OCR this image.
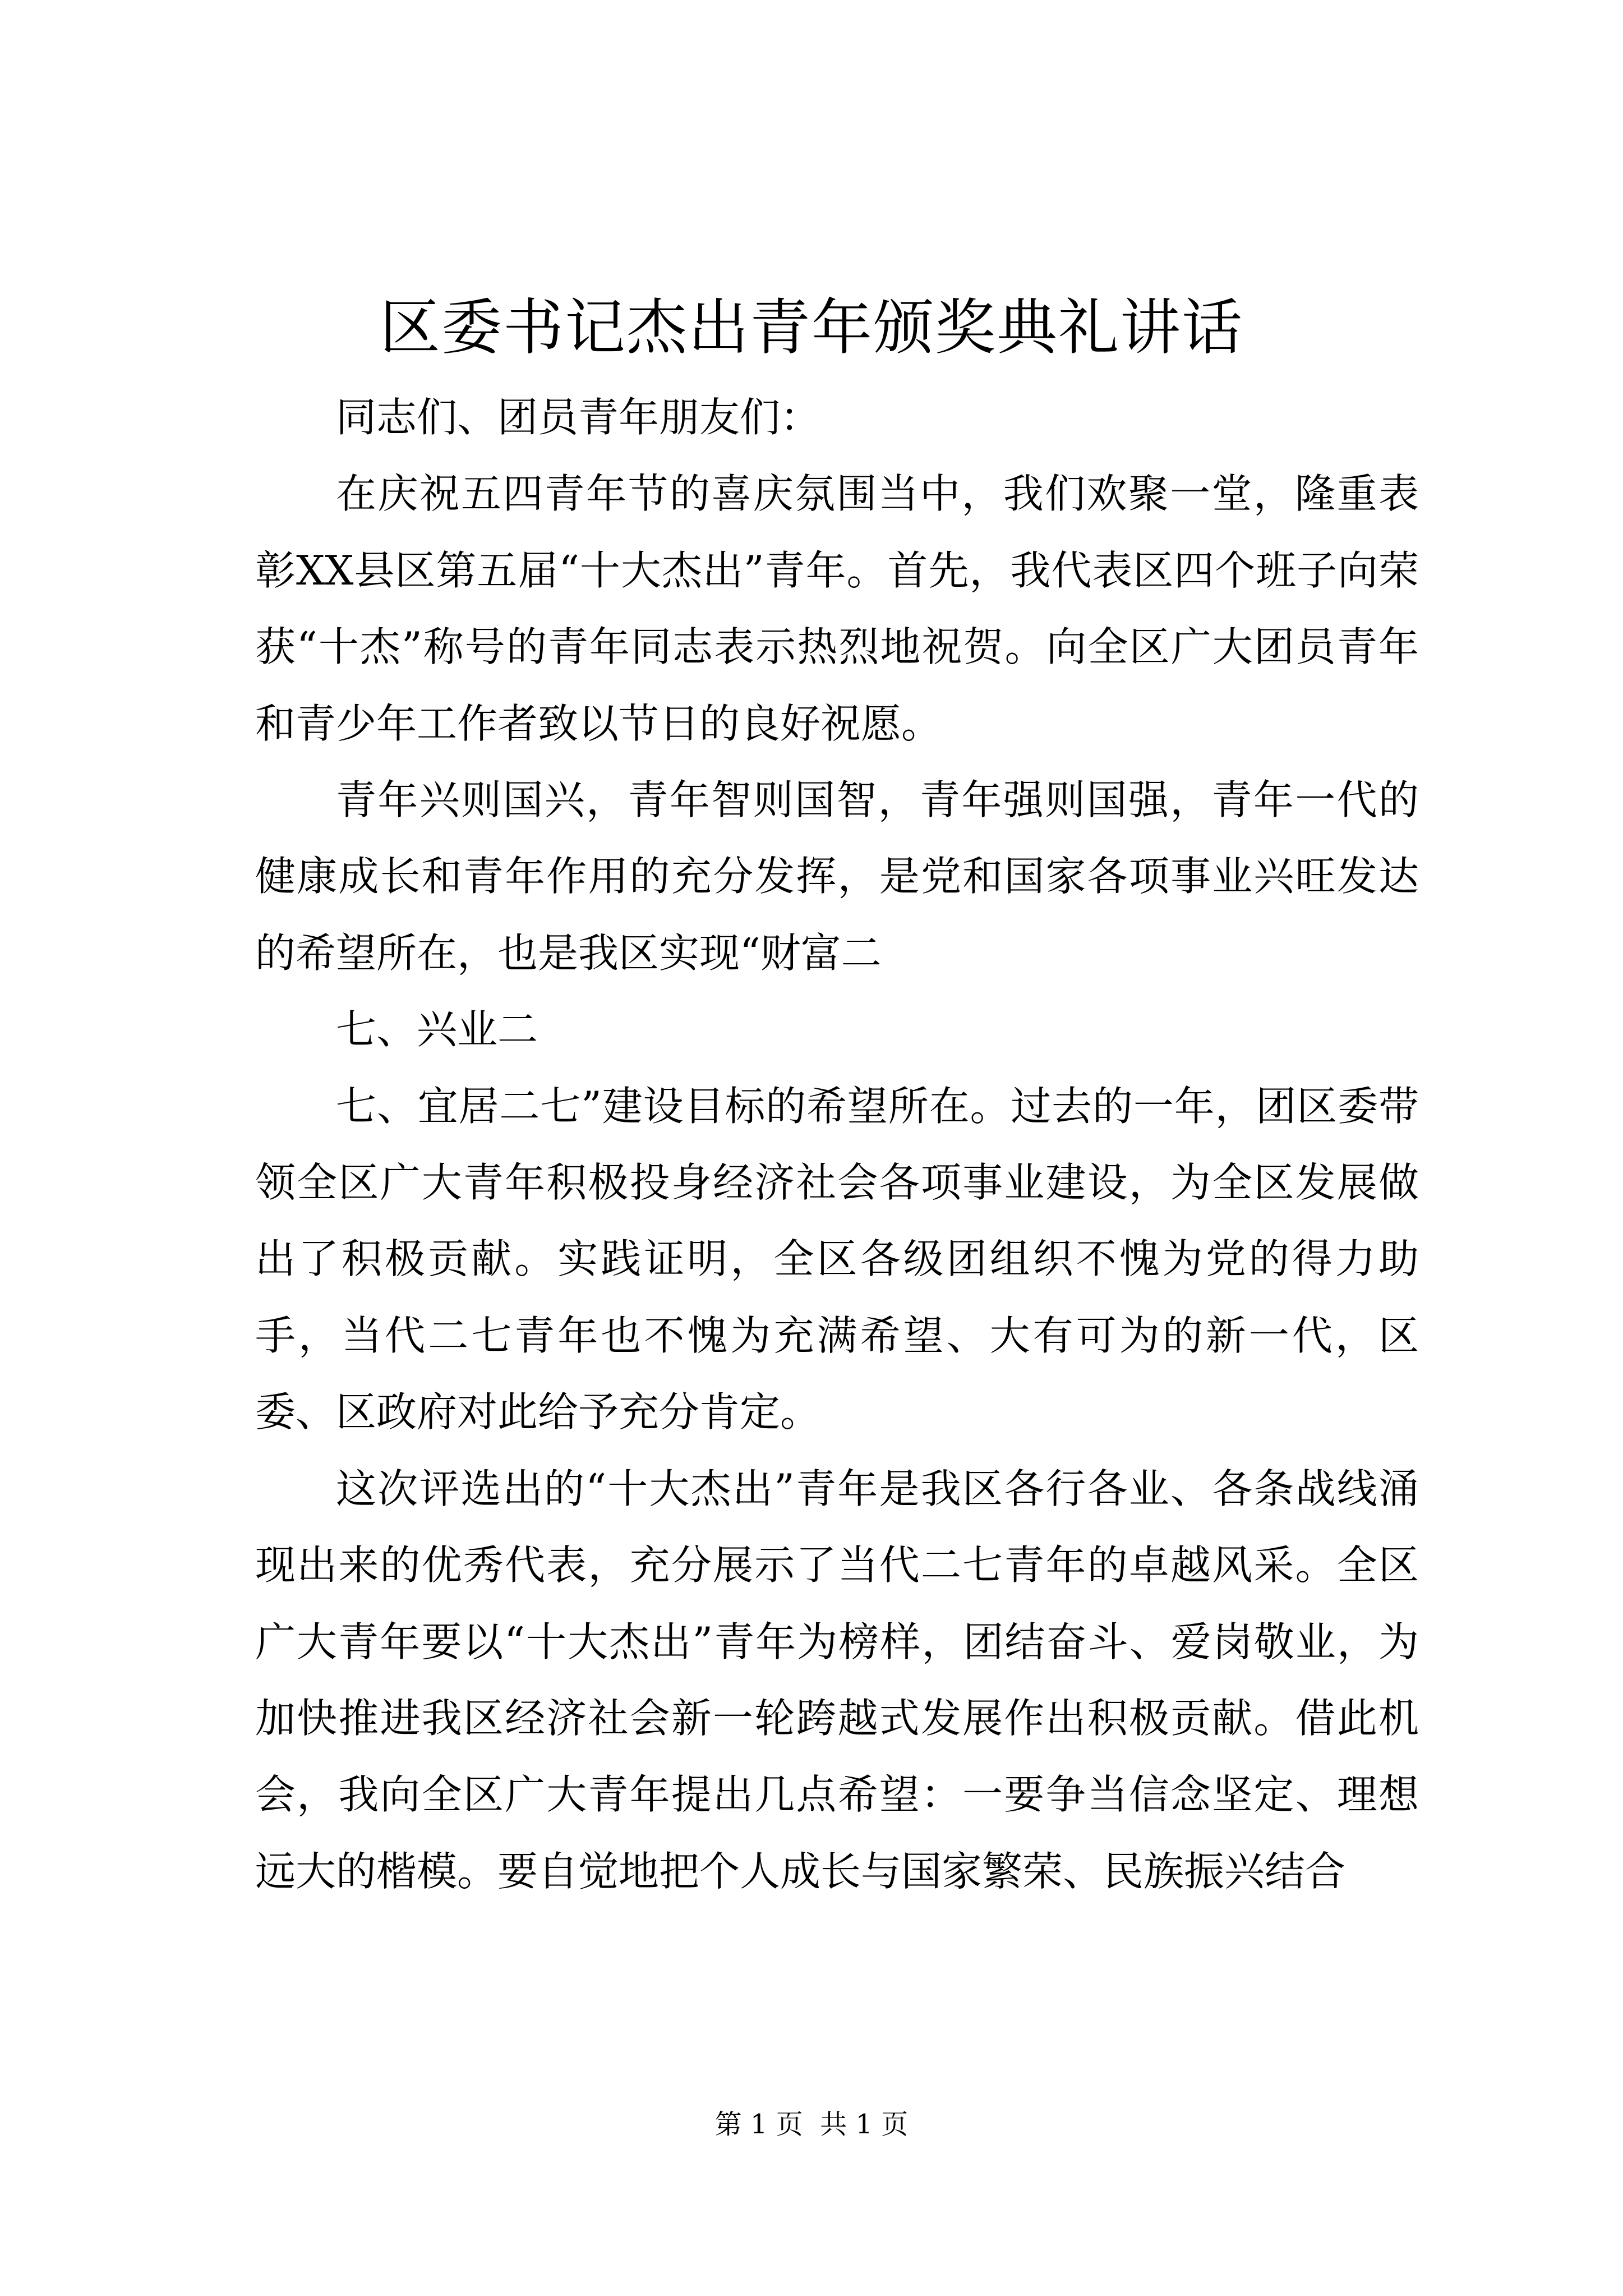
区委书记杰出青年颁奖典礼讲话

同志们、团员青年朋友们：

在庆祝五四青年节的喜庆氛围当中，我们欢聚一堂，隆重表彰XX县区第五届“十大杰出”青年。首先，我代表区四个班子向荣获“十杰”称号的青年同志表示热烈地祝贺。向全区广大团员青年和青少年工作者致以节日的良好祝愿。

青年兴则国兴，青年智则国智，青年强则国强，青年一代的健康成长和青年作用的充分发挥，是党和国家各项事业兴旺发达的希望所在，也是我区实现“财富二

七、兴业二

七、宜居二七”建设目标的希望所在。过去的一年，团区委带领全区广大青年积极投身经济社会各项事业建设，为全区发展做出了积极贡献。实践证明，全区各级团组织不愧为党的得力助手，当代二七青年也不愧为充满希望、大有可为的新一代，区委、区政府对此给予充分肯定。

这次评选出的“十大杰出”青年是我区各行各业、各条战线涌现出来的优秀代表，充分展示了当代二七青年的卓越风采。全区广大青年要以“十大杰出”青年为榜样，团结奋斗、爱岗敬业，为加快推进我区经济社会新一轮跨越式发展作出积极贡献。借此机会，我向全区广大青年提出几点希望：一要争当信念坚定、理想远大的楷模。要自觉地把个人成长与国家繁荣、民族振兴结合

第 1 页  共 1 页
